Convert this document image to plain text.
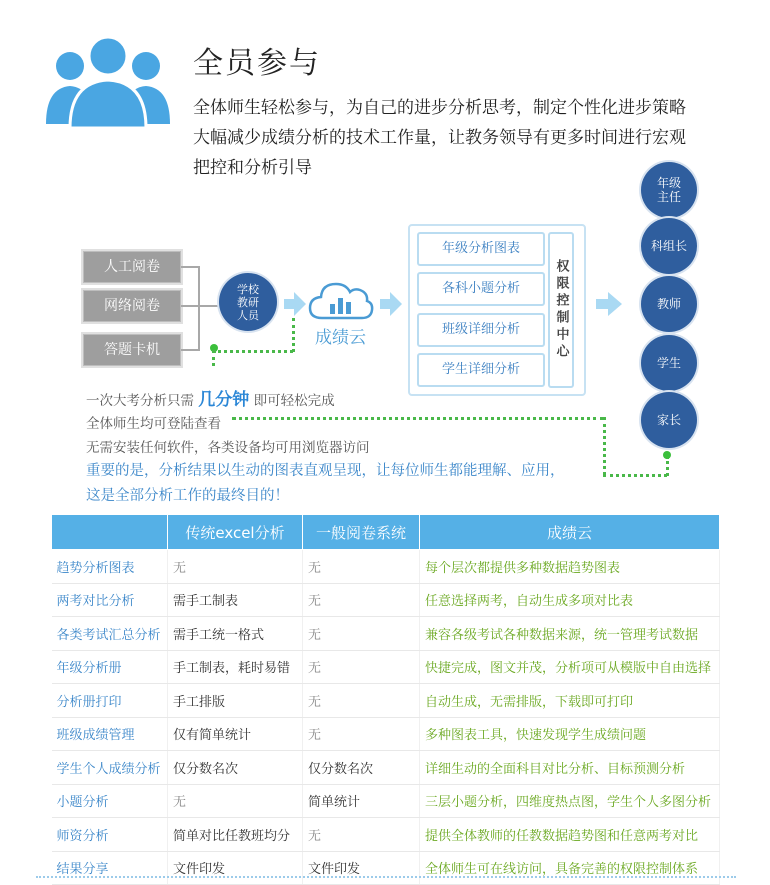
全员参与
全体师生轻松参与，为自己的进步分析思考，制定个性化进步策略
大幅减少成绩分析的技术工作量，让教务领导有更多时间进行宏观
把控和分析引导
人工阅卷
网络阅卷
答题卡机
学校
教研
人员
成绩云
年级分析图表
各科小题分析
班级详细分析
学生详细分析
权限控制中心
年级
主任
科组长
教师
学生
家长
一次大考分析只需 几分钟 即可轻松完成
全体师生均可登陆查看
无需安装任何软件，各类设备均可用浏览器访问
重要的是，分析结果以生动的图表直观呈现，让每位师生都能理解、应用，
这是全部分析工作的最终目的！
	传统excel分析	一般阅卷系统	成绩云
趋势分析图表	无	无	每个层次都提供多种数据趋势图表
两考对比分析	需手工制表	无	任意选择两考，自动生成多项对比表
各类考试汇总分析	需手工统一格式	无	兼容各级考试各种数据来源，统一管理考试数据
年级分析册	手工制表，耗时易错	无	快捷完成，图文并茂，分析项可从模版中自由选择
分析册打印	手工排版	无	自动生成，无需排版，下载即可打印
班级成绩管理	仅有简单统计	无	多种图表工具，快速发现学生成绩问题
学生个人成绩分析	仅分数名次	仅分数名次	详细生动的全面科目对比分析、目标预测分析
小题分析	无	简单统计	三层小题分析，四维度热点图，学生个人多图分析
师资分析	简单对比任教班均分	无	提供全体教师的任教数据趋势图和任意两考对比
结果分享	文件印发	文件印发	全体师生可在线访问，具备完善的权限控制体系
